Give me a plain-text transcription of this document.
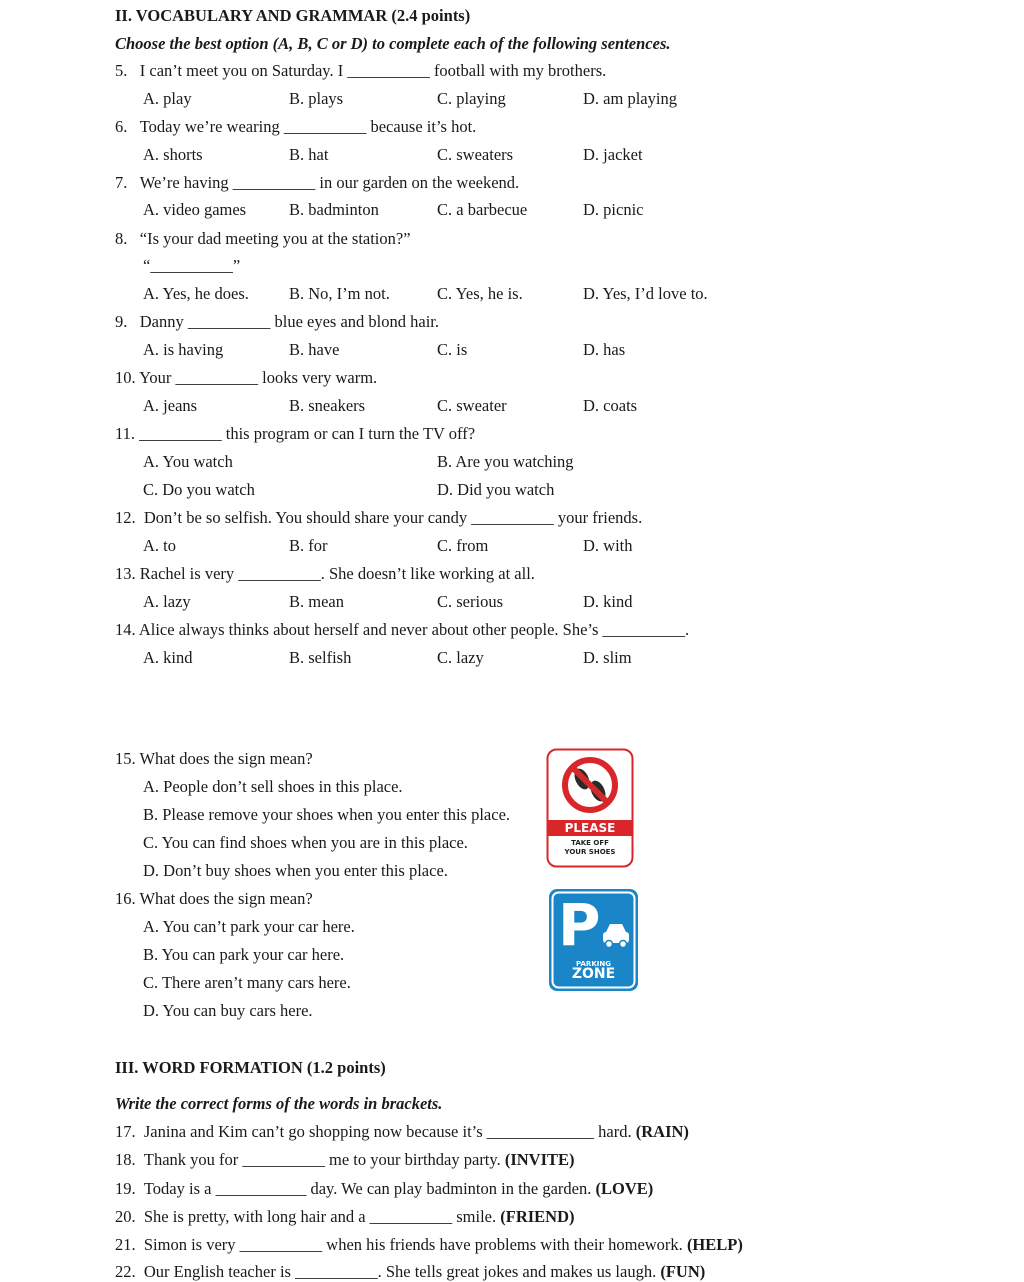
II. VOCABULARY AND GRAMMAR (2.4 points)
Choose the best option (A, B, C or D) to complete each of the following sentences.
5.   I can’t meet you on Saturday. I __________ football with my brothers.
A. play	B. plays	C. playing	D. am playing
6.   Today we’re wearing __________ because it’s hot.
A. shorts	B. hat	C. sweaters	D. jacket
7.   We’re having __________ in our garden on the weekend.
A. video games	B. badminton	C. a barbecue	D. picnic
8.   “Is your dad meeting you at the station?”
“__________”
A. Yes, he does. B. No, I’m not.	C. Yes, he is.	D. Yes, I’d love to.
9.   Danny __________ blue eyes and blond hair.
A. is having	B. have	C. is	D. has
10. Your __________ looks very warm.
A. jeans	B. sneakers	C. sweater	D. coats
11. __________ this program or can I turn the TV off?
A. You watch	B. Are you watching
C. Do you watch	D. Did you watch
12.  Don’t be so selfish. You should share your candy __________ your friends.
A. to	B. for	C. from	D. with
13. Rachel is very __________. She doesn’t like working at all.
A. lazy	B. mean	C. serious	D. kind
14. Alice always thinks about herself and never about other people. She’s __________.
A. kind	B. selfish	C. lazy	D. slim
15. What does the sign mean?
A. People don’t sell shoes in this place.
B. Please remove your shoes when you enter this place.
C. You can find shoes when you are in this place.
D. Don’t buy shoes when you enter this place.
PLEASE
TAKE OFF
YOUR SHOES
16. What does the sign mean?
A. You can’t park your car here.
B. You can park your car here.
C. There aren’t many cars here.
D. You can buy cars here.
P
PARKING
ZONE
III. WORD FORMATION (1.2 points)
Write the correct forms of the words in brackets.
17.  Janina and Kim can’t go shopping now because it’s _____________ hard. (RAIN)
18.  Thank you for __________ me to your birthday party. (INVITE)
19.  Today is a ___________ day. We can play badminton in the garden. (LOVE)
20.  She is pretty, with long hair and a __________ smile. (FRIEND)
21.  Simon is very __________ when his friends have problems with their homework. (HELP)
22.  Our English teacher is __________. She tells great jokes and makes us laugh. (FUN)
